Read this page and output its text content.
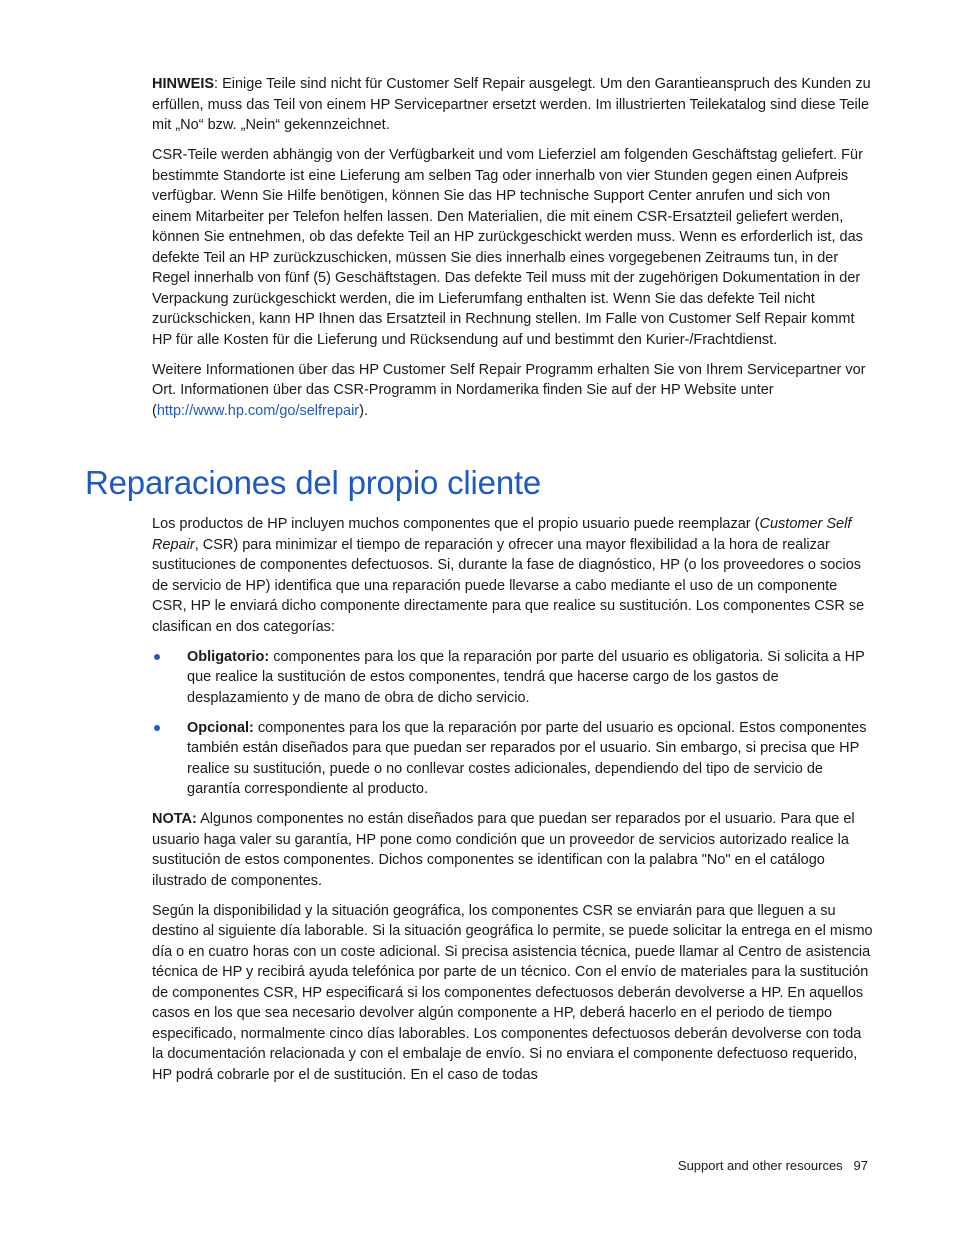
HINWEIS: Einige Teile sind nicht für Customer Self Repair ausgelegt. Um den Garantieanspruch des Kunden zu erfüllen, muss das Teil von einem HP Servicepartner ersetzt werden. Im illustrierten Teilekatalog sind diese Teile mit „No“ bzw. „Nein“ gekennzeichnet.

CSR-Teile werden abhängig von der Verfügbarkeit und vom Lieferziel am folgenden Geschäftstag geliefert. Für bestimmte Standorte ist eine Lieferung am selben Tag oder innerhalb von vier Stunden gegen einen Aufpreis verfügbar. Wenn Sie Hilfe benötigen, können Sie das HP technische Support Center anrufen und sich von einem Mitarbeiter per Telefon helfen lassen. Den Materialien, die mit einem CSR-Ersatzteil geliefert werden, können Sie entnehmen, ob das defekte Teil an HP zurückgeschickt werden muss. Wenn es erforderlich ist, das defekte Teil an HP zurückzuschicken, müssen Sie dies innerhalb eines vorgegebenen Zeitraums tun, in der Regel innerhalb von fünf (5) Geschäftstagen. Das defekte Teil muss mit der zugehörigen Dokumentation in der Verpackung zurückgeschickt werden, die im Lieferumfang enthalten ist. Wenn Sie das defekte Teil nicht zurückschicken, kann HP Ihnen das Ersatzteil in Rechnung stellen. Im Falle von Customer Self Repair kommt HP für alle Kosten für die Lieferung und Rücksendung auf und bestimmt den Kurier-/Frachtdienst.

Weitere Informationen über das HP Customer Self Repair Programm erhalten Sie von Ihrem Servicepartner vor Ort. Informationen über das CSR-Programm in Nordamerika finden Sie auf der HP Website unter (http://www.hp.com/go/selfrepair).

Reparaciones del propio cliente

Los productos de HP incluyen muchos componentes que el propio usuario puede reemplazar (Customer Self Repair, CSR) para minimizar el tiempo de reparación y ofrecer una mayor flexibilidad a la hora de realizar sustituciones de componentes defectuosos. Si, durante la fase de diagnóstico, HP (o los proveedores o socios de servicio de HP) identifica que una reparación puede llevarse a cabo mediante el uso de un componente CSR, HP le enviará dicho componente directamente para que realice su sustitución. Los componentes CSR se clasifican en dos categorías:

Obligatorio: componentes para los que la reparación por parte del usuario es obligatoria. Si solicita a HP que realice la sustitución de estos componentes, tendrá que hacerse cargo de los gastos de desplazamiento y de mano de obra de dicho servicio.
Opcional: componentes para los que la reparación por parte del usuario es opcional. Estos componentes también están diseñados para que puedan ser reparados por el usuario. Sin embargo, si precisa que HP realice su sustitución, puede o no conllevar costes adicionales, dependiendo del tipo de servicio de garantía correspondiente al producto.

NOTA: Algunos componentes no están diseñados para que puedan ser reparados por el usuario. Para que el usuario haga valer su garantía, HP pone como condición que un proveedor de servicios autorizado realice la sustitución de estos componentes. Dichos componentes se identifican con la palabra "No" en el catálogo ilustrado de componentes.

Según la disponibilidad y la situación geográfica, los componentes CSR se enviarán para que lleguen a su destino al siguiente día laborable. Si la situación geográfica lo permite, se puede solicitar la entrega en el mismo día o en cuatro horas con un coste adicional. Si precisa asistencia técnica, puede llamar al Centro de asistencia técnica de HP y recibirá ayuda telefónica por parte de un técnico. Con el envío de materiales para la sustitución de componentes CSR, HP especificará si los componentes defectuosos deberán devolverse a HP. En aquellos casos en los que sea necesario devolver algún componente a HP, deberá hacerlo en el periodo de tiempo especificado, normalmente cinco días laborables. Los componentes defectuosos deberán devolverse con toda la documentación relacionada y con el embalaje de envío. Si no enviara el componente defectuoso requerido, HP podrá cobrarle por el de sustitución. En el caso de todas

Support and other resources 97
